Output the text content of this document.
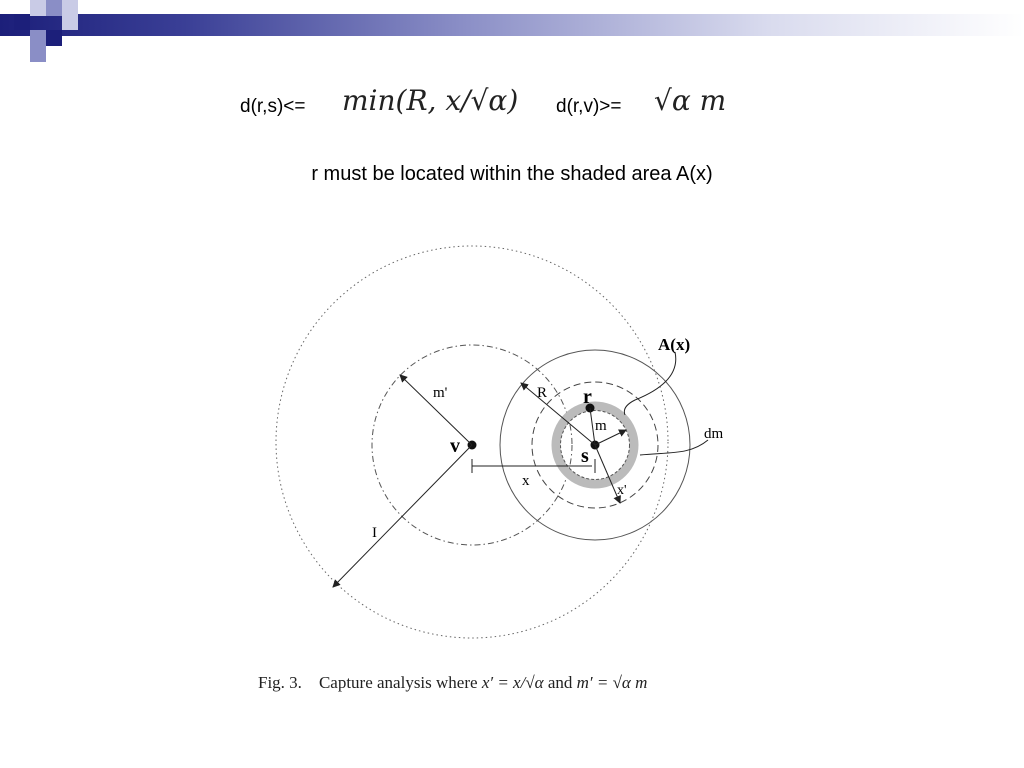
d(r,s)<= min(R, x/√α) d(r,v)>= √α m
r must be located within the shaded area A(x)
A(x)
r
s
v
m'	R
m	dm
x
x'
I
Fig. 3. Capture analysis where x′ = x/√α and m′ = √α m
